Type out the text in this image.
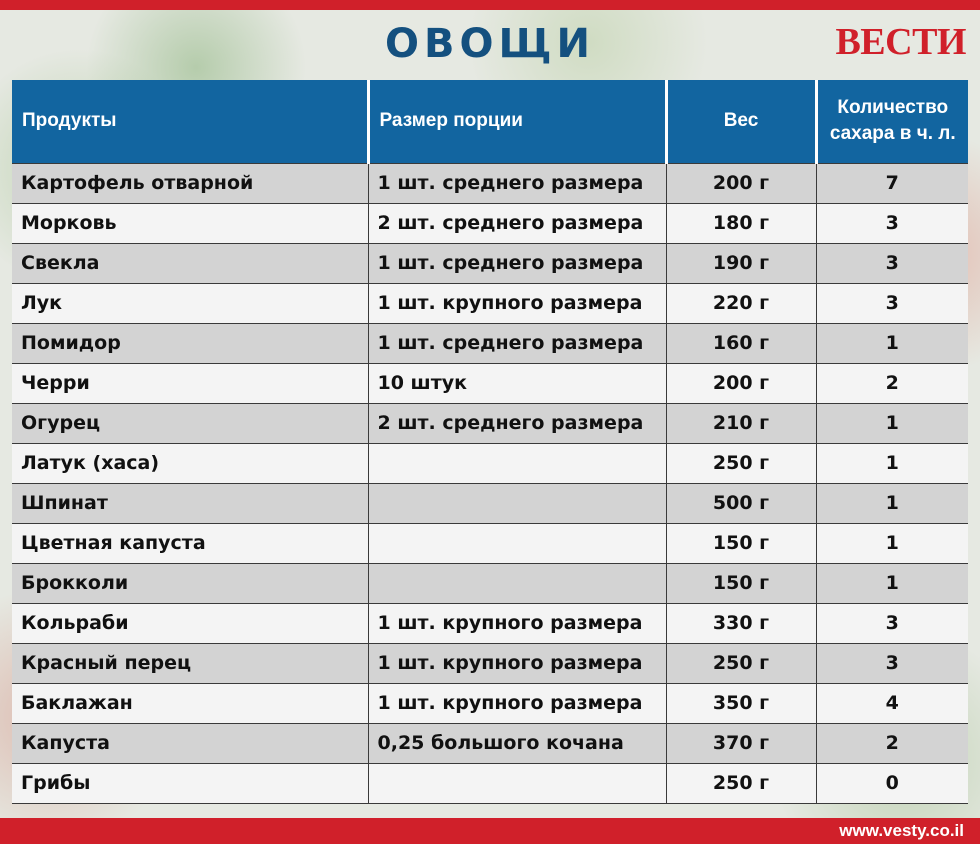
ОВОЩИ	ВЕСТИ
Продукты	Размер порции	Вес	Количество сахара в ч. л.
Картофель отварной	1 шт. среднего размера	200 г	7
Морковь	2 шт. среднего размера	180 г	3
Свекла	1 шт. среднего размера	190 г	3
Лук	1 шт. крупного размера	220 г	3
Помидор	1 шт. среднего размера	160 г	1
Черри	10 штук	200 г	2
Огурец	2 шт. среднего размера	210 г	1
Латук (хаса)		250 г	1
Шпинат		500 г	1
Цветная капуста		150 г	1
Брокколи		150 г	1
Кольраби	1 шт. крупного размера	330 г	3
Красный перец	1 шт. крупного размера	250 г	3
Баклажан	1 шт. крупного размера	350 г	4
Капуста	0,25 большого кочана	370 г	2
Грибы		250 г	0
www.vesty.co.il
